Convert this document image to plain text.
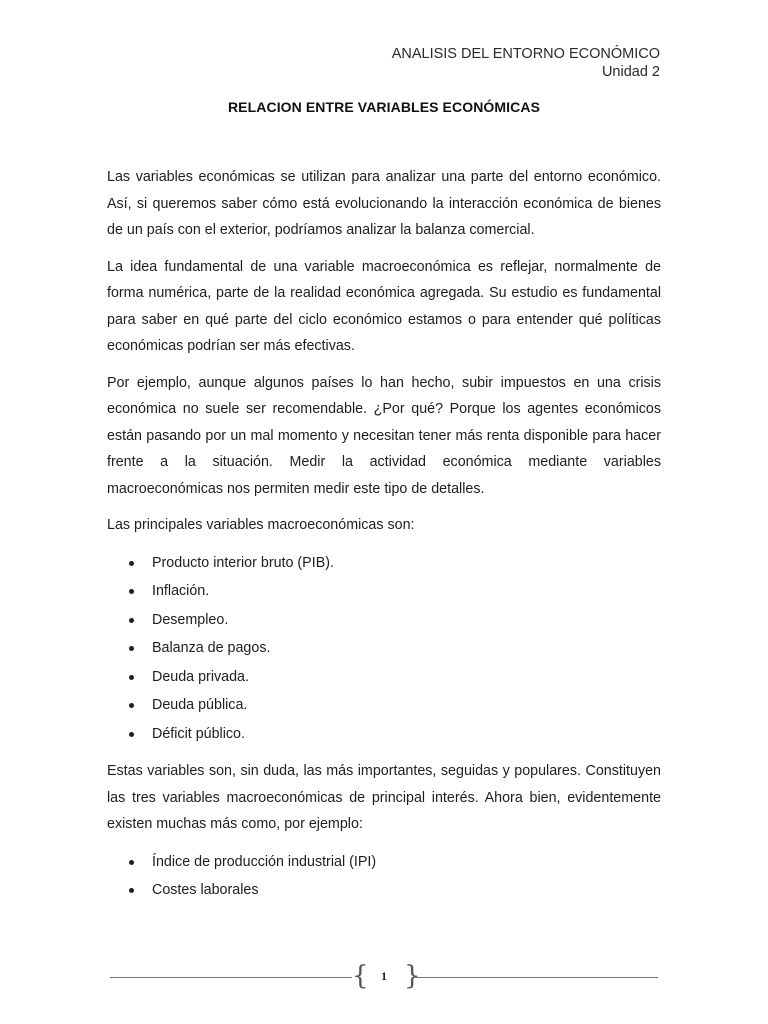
ANALISIS DEL ENTORNO ECONÓMICO
Unidad 2
RELACION ENTRE VARIABLES ECONÓMICAS

Las variables económicas se utilizan para analizar una parte del entorno económico. Así, si queremos saber cómo está evolucionando la interacción económica de bienes de un país con el exterior, podríamos analizar la balanza comercial.

La idea fundamental de una variable macroeconómica es reflejar, normalmente de forma numérica, parte de la realidad económica agregada. Su estudio es fundamental para saber en qué parte del ciclo económico estamos o para entender qué políticas económicas podrían ser más efectivas.

Por ejemplo, aunque algunos países lo han hecho, subir impuestos en una crisis económica no suele ser recomendable. ¿Por qué? Porque los agentes económicos están pasando por un mal momento y necesitan tener más renta disponible para hacer frente a la situación. Medir la actividad económica mediante variables macroeconómicas nos permiten medir este tipo de detalles.

Las principales variables macroeconómicas son:

Producto interior bruto (PIB).
Inflación.
Desempleo.
Balanza de pagos.
Deuda privada.
Deuda pública.
Déficit público.

Estas variables son, sin duda, las más importantes, seguidas y populares. Constituyen las tres variables macroeconómicas de principal interés. Ahora bien, evidentemente existen muchas más como, por ejemplo:

Índice de producción industrial (IPI)
Costes laborales
{	1 }
